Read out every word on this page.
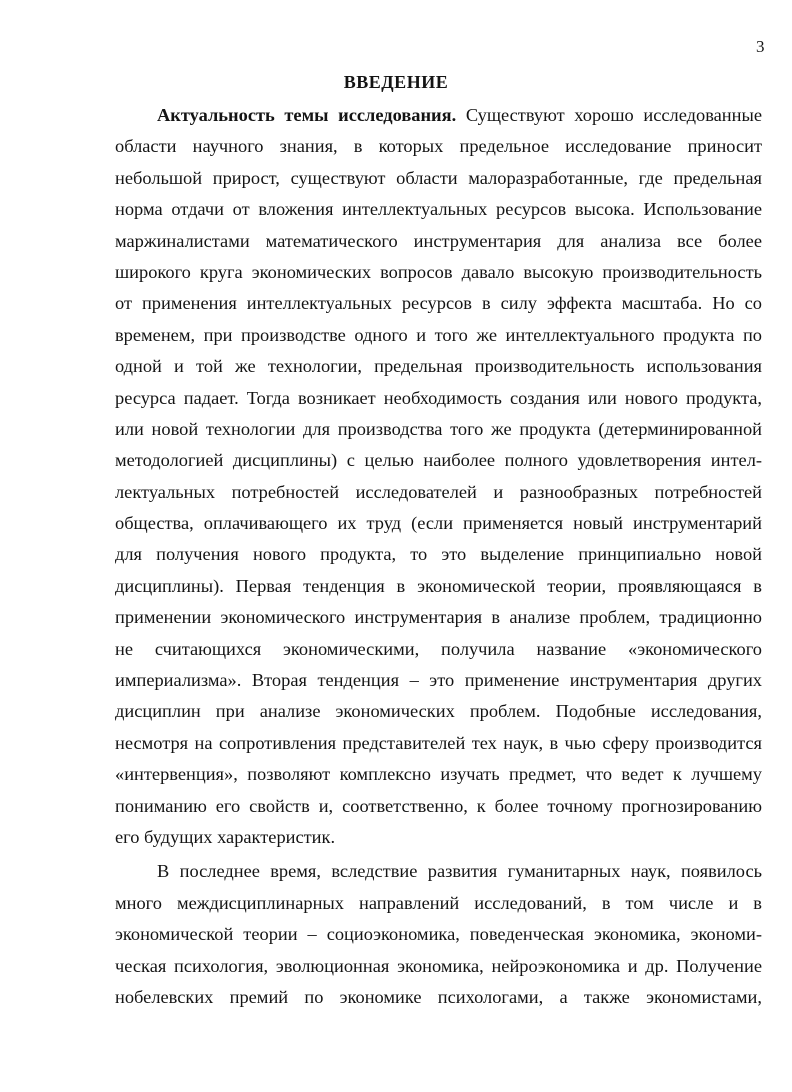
3
ВВЕДЕНИЕ
Актуальность темы исследования. Существуют хорошо исследованные
области научного знания, в которых предельное исследование приносит
небольшой прирост, существуют области малоразработанные, где предельная
норма отдачи от вложения интеллектуальных ресурсов высока. Использование
маржиналистами математического инструментария для анализа все более
широкого круга экономических вопросов давало высокую производительность
от применения интеллектуальных ресурсов в силу эффекта масштаба. Но со
временем, при производстве одного и того же интеллектуального продукта по
одной и той же технологии, предельная производительность использования
ресурса падает. Тогда возникает необходимость создания или нового продукта,
или новой технологии для производства того же продукта (детерминированной
методологией дисциплины) с целью наиболее полного удовлетворения интел-
лектуальных потребностей исследователей и разнообразных потребностей
общества, оплачивающего их труд (если применяется новый инструментарий
для получения нового продукта, то это выделение принципиально новой
дисциплины). Первая тенденция в экономической теории, проявляющаяся в
применении экономического инструментария в анализе проблем, традиционно
не считающихся экономическими, получила название «экономического
империализма». Вторая тенденция – это применение инструментария других
дисциплин при анализе экономических проблем. Подобные исследования,
несмотря на сопротивления представителей тех наук, в чью сферу производится
«интервенция», позволяют комплексно изучать предмет, что ведет к лучшему
пониманию его свойств и, соответственно, к более точному прогнозированию
его будущих характеристик.
В последнее время, вследствие развития гуманитарных наук, появилось
много междисциплинарных направлений исследований, в том числе и в
экономической теории – социоэкономика, поведенческая экономика, экономи-
ческая психология, эволюционная экономика, нейроэкономика и др. Получение
нобелевских премий по экономике психологами, а также экономистами,
